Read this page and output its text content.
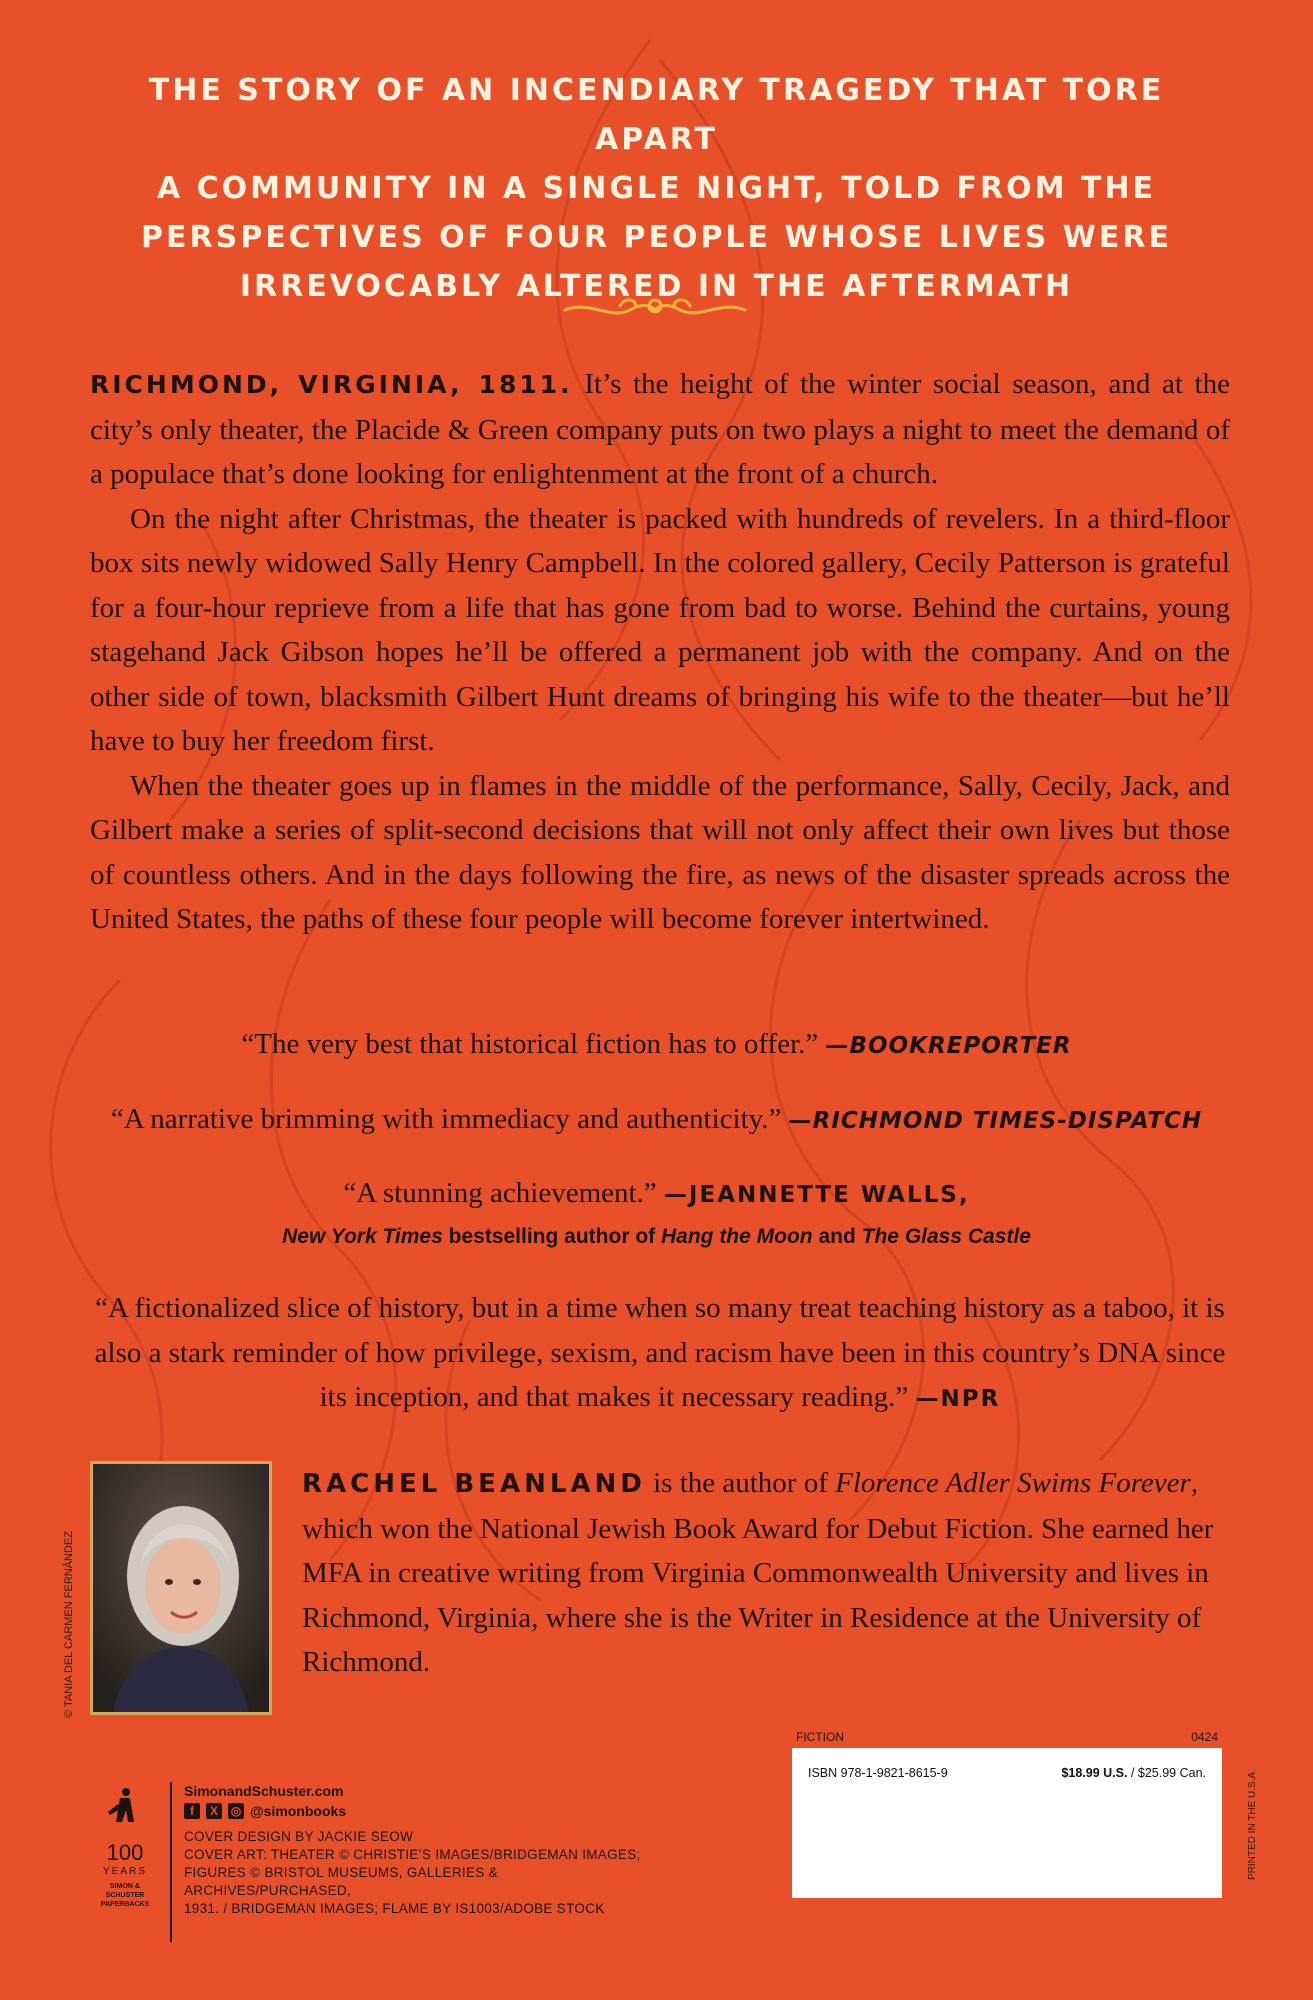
THE STORY OF AN INCENDIARY TRAGEDY THAT TORE APART
A COMMUNITY IN A SINGLE NIGHT, TOLD FROM THE
PERSPECTIVES OF FOUR PEOPLE WHOSE LIVES WERE
IRREVOCABLY ALTERED IN THE AFTERMATH

RICHMOND, VIRGINIA, 1811. It’s the height of the winter social season, and at the city’s only theater, the Placide & Green company puts on two plays a night to meet the demand of a populace that’s done looking for enlightenment at the front of a church.

On the night after Christmas, the theater is packed with hundreds of revelers. In a third-floor box sits newly widowed Sally Henry Campbell. In the colored gallery, Cecily Patterson is grateful for a four-hour reprieve from a life that has gone from bad to worse. Behind the curtains, young stagehand Jack Gibson hopes he’ll be offered a permanent job with the company. And on the other side of town, blacksmith Gilbert Hunt dreams of bringing his wife to the theater—but he’ll have to buy her freedom first.

When the theater goes up in flames in the middle of the performance, Sally, Cecily, Jack, and Gilbert make a series of split-second decisions that will not only affect their own lives but those of countless others. And in the days following the fire, as news of the disaster spreads across the United States, the paths of these four people will become forever intertwined.

“The very best that historical fiction has to offer.” —BOOKREPORTER
“A narrative brimming with immediacy and authenticity.” —RICHMOND TIMES-DISPATCH
“A stunning achievement.” —JEANNETTE WALLS,
New York Times bestselling author of Hang the Moon and The Glass Castle
“A fictionalized slice of history, but in a time when so many treat teaching history as a taboo, it is also a stark reminder of how privilege, sexism, and racism have been in this country’s DNA since its inception, and that makes it necessary reading.” —NPR
© TANIA DEL CARMEN FERNÁNDEZ
RACHEL BEANLAND is the author of Florence Adler Swims Forever, which won the National Jewish Book Award for Debut Fiction. She earned her MFA in creative writing from Virginia Commonwealth University and lives in Richmond, Virginia, where she is the Writer in Residence at the University of Richmond.
100
YEARS
SIMON &
SCHUSTER
PAPERBACKS
SimonandSchuster.com
f	X	◎ @simonbooks
COVER DESIGN BY JACKIE SEOW
COVER ART: THEATER © CHRISTIE’S IMAGES/BRIDGEMAN IMAGES;
FIGURES © BRISTOL MUSEUMS, GALLERIES & ARCHIVES/PURCHASED,
1931. / BRIDGEMAN IMAGES; FLAME BY IS1003/ADOBE STOCK
FICTION	0424
ISBN 978-1-9821-8615-9	$18.99 U.S. / $25.99 Can.	PRINTED IN THE U.S.A.
